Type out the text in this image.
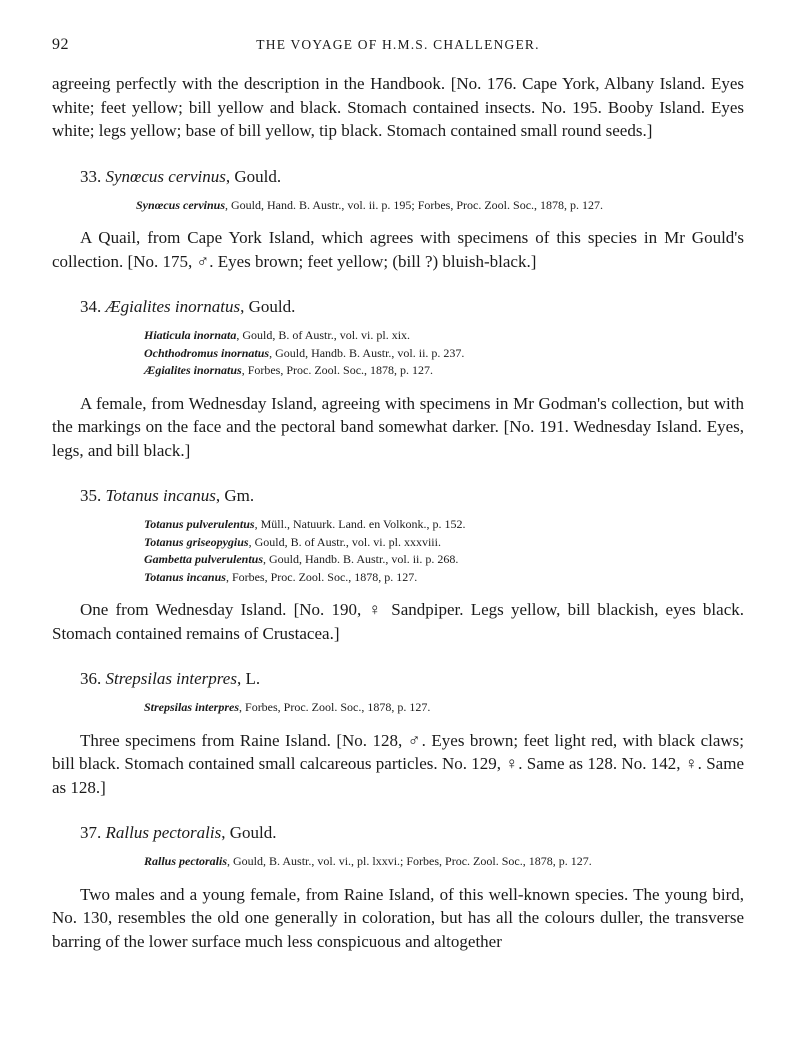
92	THE VOYAGE OF H.M.S. CHALLENGER.

agreeing perfectly with the description in the Handbook. [No. 176. Cape York, Albany Island. Eyes white; feet yellow; bill yellow and black. Stomach contained insects. No. 195. Booby Island. Eyes white; legs yellow; base of bill yellow, tip black. Stomach contained small round seeds.]

33. Synœcus cervinus, Gould.
Synœcus cervinus, Gould, Hand. B. Austr., vol. ii. p. 195; Forbes, Proc. Zool. Soc., 1878, p. 127.

A Quail, from Cape York Island, which agrees with specimens of this species in Mr Gould's collection. [No. 175, ♂. Eyes brown; feet yellow; (bill ?) bluish-black.]

34. Ægialites inornatus, Gould.
Hiaticula inornata, Gould, B. of Austr., vol. vi. pl. xix.
Ochthodromus inornatus, Gould, Handb. B. Austr., vol. ii. p. 237.
Ægialites inornatus, Forbes, Proc. Zool. Soc., 1878, p. 127.

A female, from Wednesday Island, agreeing with specimens in Mr Godman's collection, but with the markings on the face and the pectoral band somewhat darker. [No. 191. Wednesday Island. Eyes, legs, and bill black.]

35. Totanus incanus, Gm.
Totanus pulverulentus, Müll., Natuurk. Land. en Volkonk., p. 152.
Totanus griseopygius, Gould, B. of Austr., vol. vi. pl. xxxviii.
Gambetta pulverulentus, Gould, Handb. B. Austr., vol. ii. p. 268.
Totanus incanus, Forbes, Proc. Zool. Soc., 1878, p. 127.

One from Wednesday Island. [No. 190, ♀ Sandpiper. Legs yellow, bill blackish, eyes black. Stomach contained remains of Crustacea.]

36. Strepsilas interpres, L.
Strepsilas interpres, Forbes, Proc. Zool. Soc., 1878, p. 127.

Three specimens from Raine Island. [No. 128, ♂. Eyes brown; feet light red, with black claws; bill black. Stomach contained small calcareous particles. No. 129, ♀. Same as 128. No. 142, ♀. Same as 128.]

37. Rallus pectoralis, Gould.
Rallus pectoralis, Gould, B. Austr., vol. vi., pl. lxxvi.; Forbes, Proc. Zool. Soc., 1878, p. 127.

Two males and a young female, from Raine Island, of this well-known species. The young bird, No. 130, resembles the old one generally in coloration, but has all the colours duller, the transverse barring of the lower surface much less conspicuous and altogether
